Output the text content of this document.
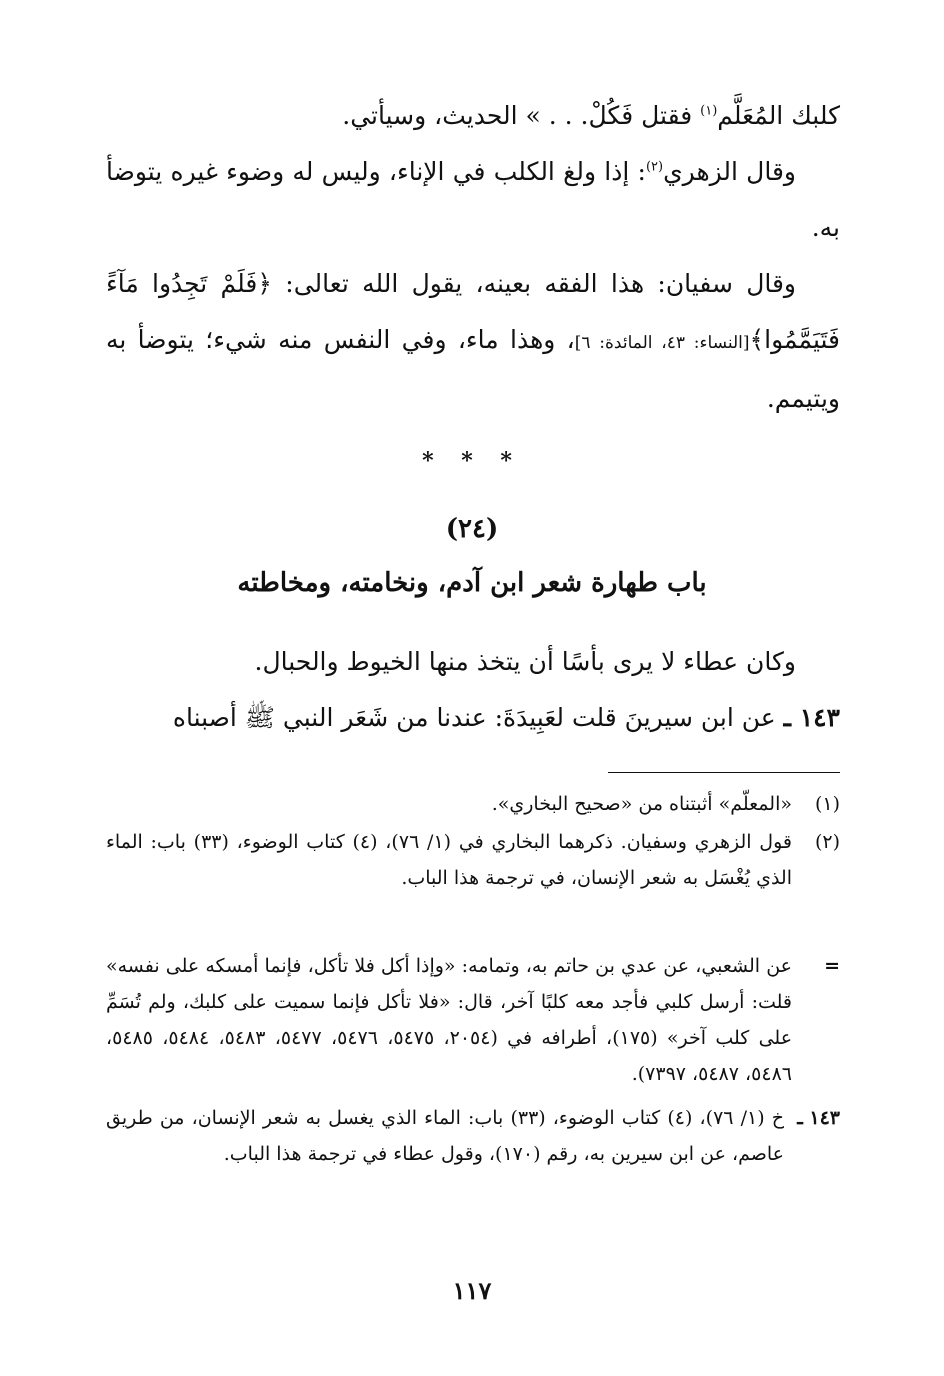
كلبك المُعَلَّم$^{(١)}$ فقتل فَكُلْ. . . » الحديث، وسيأتي.

وقال الزهري$^{(٢)}$: إذا ولغ الكلب في الإناء، وليس له وضوء غيره يتوضأ به.

وقال سفيان: هذا الفقه بعينه، يقول الله تعالى: ﴿فَلَمْ تَجِدُوا مَآءً فَتَيَمَّمُوا﴾[النساء: ٤٣، المائدة: ٦]، وهذا ماء، وفي النفس منه شيء؛ يتوضأ به ويتيمم.

* * *
(٢٤)
باب طهارة شعر ابن آدم، ونخامته، ومخاطته

وكان عطاء لا يرى بأسًا أن يتخذ منها الخيوط والحبال.

١٤٣ ـ عن ابن سيرينَ قلت لعَبِيدَةَ: عندنا من شَعَر النبي ﷺ أصبناه

(١)
«المعلّم» أثبتناه من «صحيح البخاري».
(٢)
قول الزهري وسفيان. ذكرهما البخاري في (١/ ٧٦)، (٤) كتاب الوضوء، (٣٣) باب: الماء الذي يُغْسَل به شعر الإنسان، في ترجمة هذا الباب.
=
عن الشعبي، عن عدي بن حاتم به، وتمامه: «وإذا أكل فلا تأكل، فإنما أمسكه على نفسه» قلت: أرسل كلبي فأجد معه كلبًا آخر، قال: «فلا تأكل فإنما سميت على كلبك، ولم تُسَمِّ على كلب آخر» (١٧٥)، أطرافه في (٢٠٥٤، ٥٤٧٥، ٥٤٧٦، ٥٤٧٧، ٥٤٨٣، ٥٤٨٤، ٥٤٨٥، ٥٤٨٦، ٥٤٨٧، ٧٣٩٧).
١٤٣ ـ
خ (١/ ٧٦)، (٤) كتاب الوضوء، (٣٣) باب: الماء الذي يغسل به شعر الإنسان، من طريق عاصم، عن ابن سيرين به، رقم (١٧٠)، وقول عطاء في ترجمة هذا الباب.
١١٧
